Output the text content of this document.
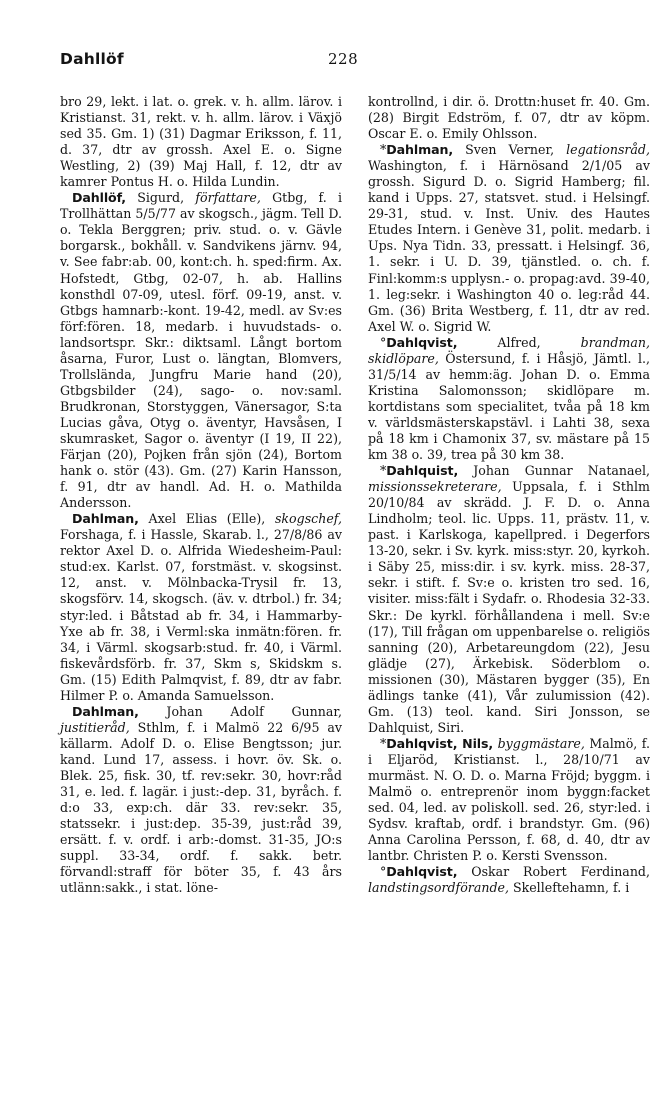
Dahllöf	228

bro 29, lekt. i lat. o. grek. v. h. allm. lärov. i Kristianst. 31, rekt. v. h. allm. lärov. i Växjö sed 35. Gm. 1) (31) Dagmar Eriksson, f. 11, d. 37, dtr av grossh. Axel E. o. Signe Westling, 2) (39) Maj Hall, f. 12, dtr av kamrer Pontus H. o. Hilda Lundin.

Dahllöf, Sigurd, författare, Gtbg, f. i Trollhättan 5/5/77 av skogsch., jägm. Tell D. o. Tekla Berggren; priv. stud. o. v. Gävle borgarsk., bokhåll. v. Sandvikens järnv. 94, v. See fabr:ab. 00, kont:ch. h. sped:firm. Ax. Hofstedt, Gtbg, 02-07, h. ab. Hallins konsthdl 07-09, utesl. förf. 09-19, anst. v. Gtbgs hamnarb:-kont. 19-42, medl. av Sv:es förf:fören. 18, medarb. i huvudstads- o. landsortspr. Skr.: diktsaml. Långt bortom åsarna, Furor, Lust o. längtan, Blomvers, Trollslända, Jungfru Marie hand (20), Gtbgsbilder (24), sago- o. nov:saml. Brudkronan, Storstyggen, Vänersagor, S:ta Lucias gåva, Otyg o. äventyr, Havsåsen, I skumrasket, Sagor o. äventyr (I 19, II 22), Färjan (20), Pojken från sjön (24), Bortom hank o. stör (43). Gm. (27) Karin Hansson, f. 91, dtr av handl. Ad. H. o. Mathilda Andersson.

Dahlman, Axel Elias (Elle), skogschef, Forshaga, f. i Hassle, Skarab. l., 27/8/86 av rektor Axel D. o. Alfrida Wiedesheim-Paul: stud:ex. Karlst. 07, forstmäst. v. skogsinst. 12, anst. v. Mölnbacka-Trysil fr. 13, skogsförv. 14, skogsch. (äv. v. dtrbol.) fr. 34; styr:led. i Båtstad ab fr. 34, i Hammarby-Yxe ab fr. 38, i Verml:ska inmätn:fören. fr. 34, i Värml. skogsarb:stud. fr. 40, i Värml. fiskevårdsförb. fr. 37, Skm s, Skidskm s. Gm. (15) Edith Palmqvist, f. 89, dtr av fabr. Hilmer P. o. Amanda Samuelsson.

Dahlman, Johan Adolf Gunnar, justitieråd, Sthlm, f. i Malmö 22 6/95 av källarm. Adolf D. o. Elise Bengtsson; jur. kand. Lund 17, assess. i hovr. öv. Sk. o. Blek. 25, fisk. 30, tf. rev:sekr. 30, hovr:råd 31, e. led. f. lagär. i just:-dep. 31, byråch. f. d:o 33, exp:ch. där 33. rev:sekr. 35, statssekr. i just:dep. 35-39, just:råd 39, ersätt. f. v. ordf. i arb:-domst. 31-35, JO:s suppl. 33-34, ordf. f. sakk. betr. förvandl:straff för böter 35, f. 43 års utlänn:sakk., i stat. löne-

kontrollnd, i dir. ö. Drottn:huset fr. 40. Gm. (28) Birgit Edström, f. 07, dtr av köpm. Oscar E. o. Emily Ohlsson.

*Dahlman, Sven Verner, legationsråd, Washington, f. i Härnösand 2/1/05 av grossh. Sigurd D. o. Sigrid Hamberg; fil. kand i Upps. 27, statsvet. stud. i Helsingf. 29-31, stud. v. Inst. Univ. des Hautes Etudes Intern. i Genève 31, polit. medarb. i Ups. Nya Tidn. 33, pressatt. i Helsingf. 36, 1. sekr. i U. D. 39, tjänstled. o. ch. f. Finl:komm:s upplysn.- o. propag:avd. 39-40, 1. leg:sekr. i Washington 40 o. leg:råd 44. Gm. (36) Brita Westberg, f. 11, dtr av red. Axel W. o. Sigrid W.

°Dahlqvist, Alfred, brandman, skidlöpare, Östersund, f. i Håsjö, Jämtl. l., 31/5/14 av hemm:äg. Johan D. o. Emma Kristina Salomonsson; skidlöpare m. kortdistans som specialitet, tvåa på 18 km v. världsmästerskapstävl. i Lahti 38, sexa på 18 km i Chamonix 37, sv. mästare på 15 km 38 o. 39, trea på 30 km 38.

*Dahlquist, Johan Gunnar Natanael, missionssekreterare, Uppsala, f. i Sthlm 20/10/84 av skrädd. J. F. D. o. Anna Lindholm; teol. lic. Upps. 11, prästv. 11, v. past. i Karlskoga, kapellpred. i Degerfors 13-20, sekr. i Sv. kyrk. miss:styr. 20, kyrkoh. i Säby 25, miss:dir. i sv. kyrk. miss. 28-37, sekr. i stift. f. Sv:e o. kristen tro sed. 16, visiter. miss:fält i Sydafr. o. Rhodesia 32-33. Skr.: De kyrkl. förhållandena i mell. Sv:e (17), Till frågan om uppenbarelse o. religiös sanning (20), Arbetareungdom (22), Jesu glädje (27), Ärkebisk. Söderblom o. missionen (30), Mästaren bygger (35), En ädlings tanke (41), Vår zulumission (42). Gm. (13) teol. kand. Siri Jonsson, se Dahlquist, Siri.

*Dahlqvist, Nils, byggmästare, Malmö, f. i Eljaröd, Kristianst. l., 28/10/71 av murmäst. N. O. D. o. Marna Fröjd; byggm. i Malmö o. entreprenör inom byggn:facket sed. 04, led. av poliskoll. sed. 26, styr:led. i Sydsv. kraftab, ordf. i brandstyr. Gm. (96) Anna Carolina Persson, f. 68, d. 40, dtr av lantbr. Christen P. o. Kersti Svensson.

°Dahlqvist, Oskar Robert Ferdinand, landstingsordförande, Skelleftehamn, f. i
